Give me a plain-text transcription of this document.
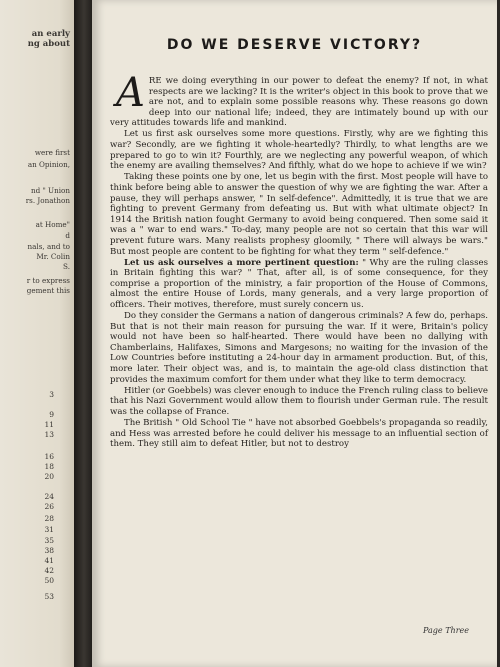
an early
ng about
were first
an Opinion,
nd " Union
rs. Jonathon
at Home"
d
nals, and to
Mr. Colin
S.
r to express
gement this
3
9
11
13
16
18
20
24
26
28
31
35
38
41
42
50
53
DO WE DESERVE VICTORY?

ARE we doing everything in our power to defeat the enemy? If not, in what respects are we lacking? It is the writer's object in this book to prove that we are not, and to explain some possible reasons why. These reasons go down deep into our national life; indeed, they are intimately bound up with our very attitudes towards life and mankind.

Let us first ask ourselves some more questions. Firstly, why are we fighting this war? Secondly, are we fighting it whole-heartedly? Thirdly, to what lengths are we prepared to go to win it? Fourthly, are we neglecting any powerful weapon, of which the enemy are availing themselves? And fifthly, what do we hope to achieve if we win?

Taking these points one by one, let us begin with the first. Most people will have to think before being able to answer the question of why we are fighting the war. After a pause, they will perhaps answer, " In self-defence". Admittedly, it is true that we are fighting to prevent Germany from defeating us. But with what ultimate object? In 1914 the British nation fought Germany to avoid being conquered. Then some said it was a " war to end wars." To-day, many people are not so certain that this war will prevent future wars. Many realists prophesy gloomily, " There will always be wars." But most people are content to be fighting for what they term " self-defence."

Let us ask ourselves a more pertinent question: " Why are the ruling classes in Britain fighting this war? " That, after all, is of some consequence, for they comprise a proportion of the ministry, a fair proportion of the House of Commons, almost the entire House of Lords, many generals, and a very large proportion of officers. Their motives, therefore, must surely concern us.

Do they consider the Germans a nation of dangerous criminals? A few do, perhaps. But that is not their main reason for pursuing the war. If it were, Britain's policy would not have been so half-hearted. There would have been no dallying with Chamberlains, Halifaxes, Simons and Margesons; no waiting for the invasion of the Low Countries before instituting a 24-hour day in armament production. But, of this, more later. Their object was, and is, to maintain the age-old class distinction that provides the maximum comfort for them under what they like to term democracy.

Hitler (or Goebbels) was clever enough to induce the French ruling class to believe that his Nazi Government would allow them to flourish under German rule. The result was the collapse of France.

The British " Old School Tie " have not absorbed Goebbels's propaganda so readily, and Hess was arrested before he could deliver his message to an influential section of them. They still aim to defeat Hitler, but not to destroy

Page Three
